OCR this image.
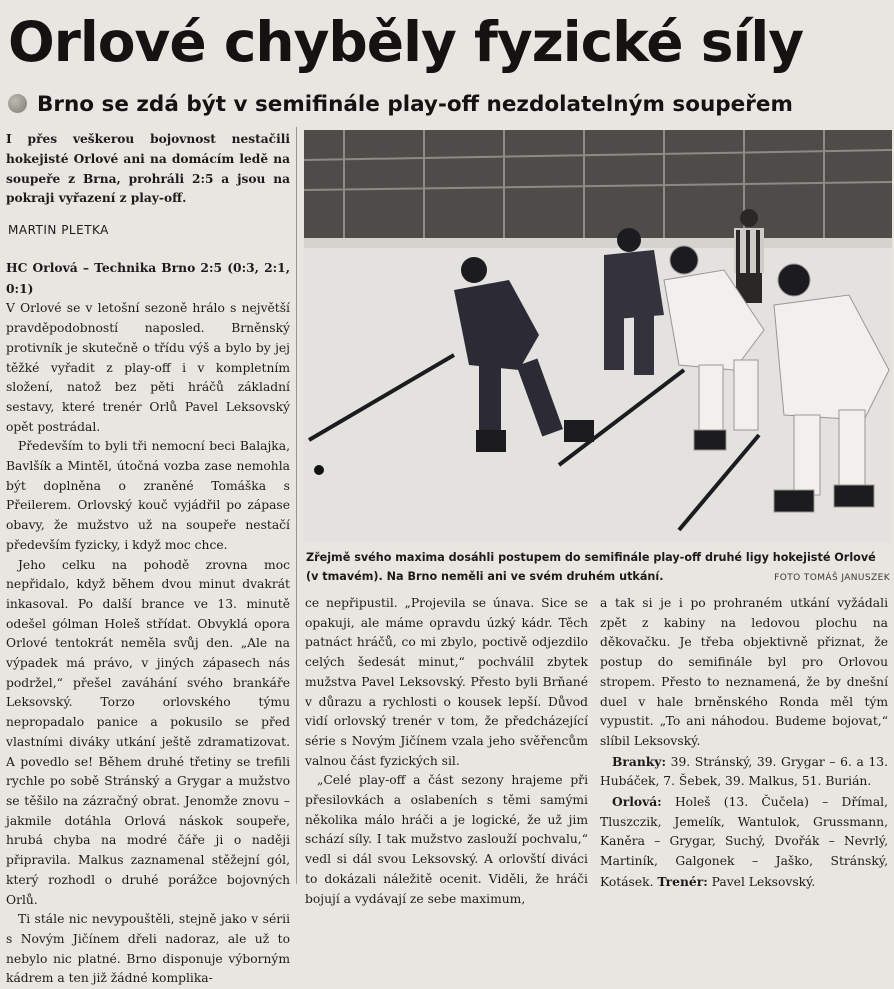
Orlové chyběly fyzické síly
Brno se zdá být v semifinále play-off nezdolatelným soupeřem
I přes veškerou bojovnost nestačili hokejisté Orlové ani na domácím ledě na soupeře z Brna, prohráli 2:5 a jsou na pokraji vyřazení z play-off.
MARTIN PLETKA
HC Orlová – Technika Brno 2:5 (0:3, 2:1, 0:1)
V Orlové se v letošní sezoně hrálo s největší pravděpodobností naposled. Brněnský protivník je skutečně o třídu výš a bylo by jej těžké vyřadit z play-off i v kompletním složení, natož bez pěti hráčů základní sestavy, které trenér Orlů Pavel Leksovský opět postrádal.

Především to byli tři nemocní beci Balajka, Bavlšík a Mintěl, útočná vozba zase nemohla být doplněna o zraněné Tomáška s Přeilerem. Orlovský kouč vyjádřil po zápase obavy, že mužstvo už na soupeře nestačí především fyzicky, i když moc chce.
Jeho celku na pohodě zrovna moc nepřidalo, když během dvou minut dvakrát inkasoval. Po další brance ve 13. minutě odešel gólman Holeš střídat. Obvyklá opora Orlové tentokrát neměla svůj den. „Ale na výpadek má právo, v jiných zápasech nás podržel,“ přešel zaváhání svého brankáře Leksovský. Torzo orlovského týmu nepropadalo panice a pokusilo se před vlastními diváky utkání ještě zdramatizovat. A povedlo se! Během druhé třetiny se trefili rychle po sobě Stránský a Grygar a mužstvo se těšilo na zázračný obrat. Jenomže znovu – jakmile dotáhla Orlová náskok soupeře, hrubá chyba na modré čáře ji o naději připravila. Malkus zaznamenal stěžejní gól, který rozhodl o druhé porážce bojovných Orlů.
Ti stále nic nevypouštěli, stejně jako v sérii s Novým Jičínem dřeli nadoraz, ale už to nebylo nic platné. Brno disponuje výborným kádrem a ten již žádné komplika-
Zřejmě svého maxima dosáhli postupem do semifinále play-off druhé ligy hokejisté Orlové (v tmavém). Na Brno neměli ani ve svém druhém utkání.	FOTO TOMÁŠ JANUSZEK
ce nepřipustil. „Projevila se únava. Sice se opakuji, ale máme opravdu úzký kádr. Těch patnáct hráčů, co mi zbylo, poctivě odjezdilo celých šedesát minut,“ pochválil zbytek mužstva Pavel Leksovský. Přesto byli Brňané v důrazu a rychlosti o kousek lepší. Důvod vidí orlovský trenér v tom, že předcházející série s Novým Jičínem vzala jeho svěřencům valnou část fyzických sil.
„Celé play-off a část sezony hrajeme při přesilovkách a oslabeních s těmi samými několika málo hráči a je logické, že už jim schází síly. I tak mužstvo zaslouží pochvalu,“ vedl si dál svou Leksovský. A orlovští diváci to dokázali náležitě ocenit. Viděli, že hráči bojují a vydávají ze sebe maximum,
a tak si je i po prohraném utkání vyžádali zpět z kabiny na ledovou plochu na děkovačku. Je třeba objektivně přiznat, že postup do semifinále byl pro Orlovou stropem. Přesto to neznamená, že by dnešní duel v hale brněnského Ronda měl tým vypustit. „To ani náhodou. Budeme bojovat,“ slíbil Leksovský.
Branky: 39. Stránský, 39. Grygar – 6. a 13. Hubáček, 7. Šebek, 39. Malkus, 51. Burián.
Orlová: Holeš (13. Čučela) – Dřímal, Tluszczik, Jemelík, Wantulok, Grussmann, Kaněra – Grygar, Suchý, Dvořák – Nevrlý, Martiník, Galgonek – Jaško, Stránský, Kotásek. Trenér: Pavel Leksovský.
